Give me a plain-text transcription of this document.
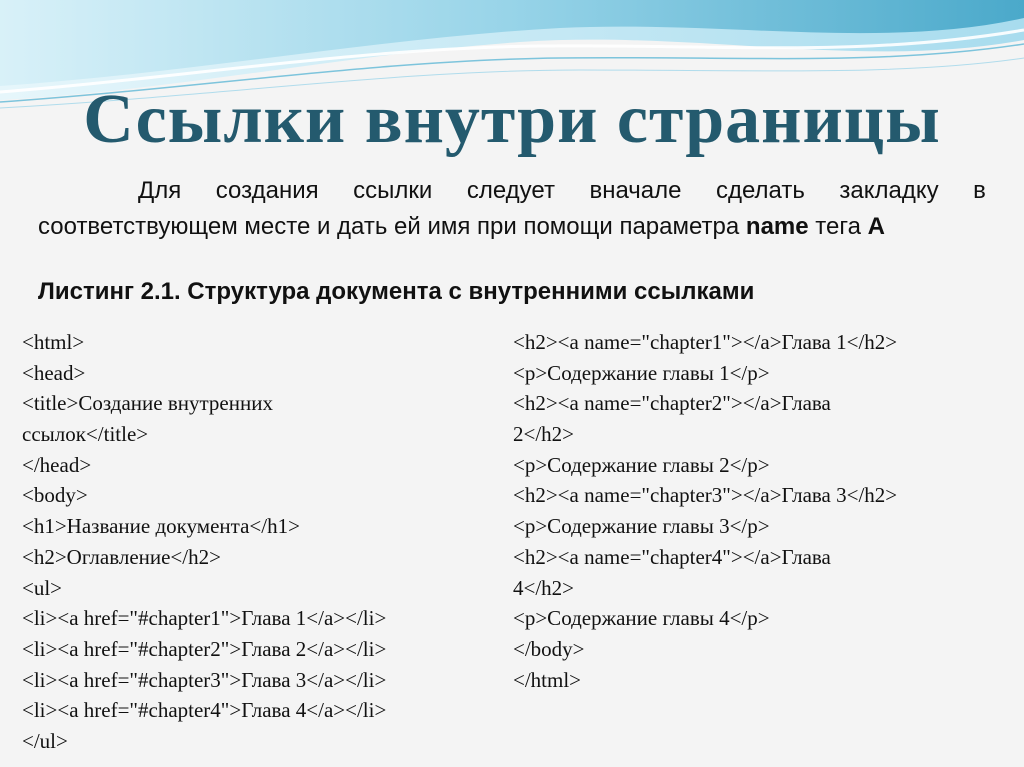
Ссылки внутри страницы
Для создания ссылки следует вначале сделать закладку в
соответствующем месте и дать ей имя при помощи параметра name тега A
Листинг 2.1. Структура документа с внутренними ссылками
<html>
<head>
<title>Создание внутренних
ссылок</title>
</head>
<body>
<h1>Название документа</h1>
<h2>Оглавление</h2>
<ul>
<li><a href="#chapter1">Глава 1</a></li>
<li><a href="#chapter2">Глава 2</a></li>
<li><a href="#chapter3">Глава 3</a></li>
<li><a href="#chapter4">Глава 4</a></li>
</ul>
<h2><a name="chapter1"></a>Глава 1</h2>
<p>Содержание главы 1</p>
<h2><a name="chapter2"></a>Глава
2</h2>
<p>Содержание главы 2</p>
<h2><a name="chapter3"></a>Глава 3</h2>
<p>Содержание главы 3</p>
<h2><a name="chapter4"></a>Глава
4</h2>
<p>Содержание главы 4</p>
</body>
</html>
